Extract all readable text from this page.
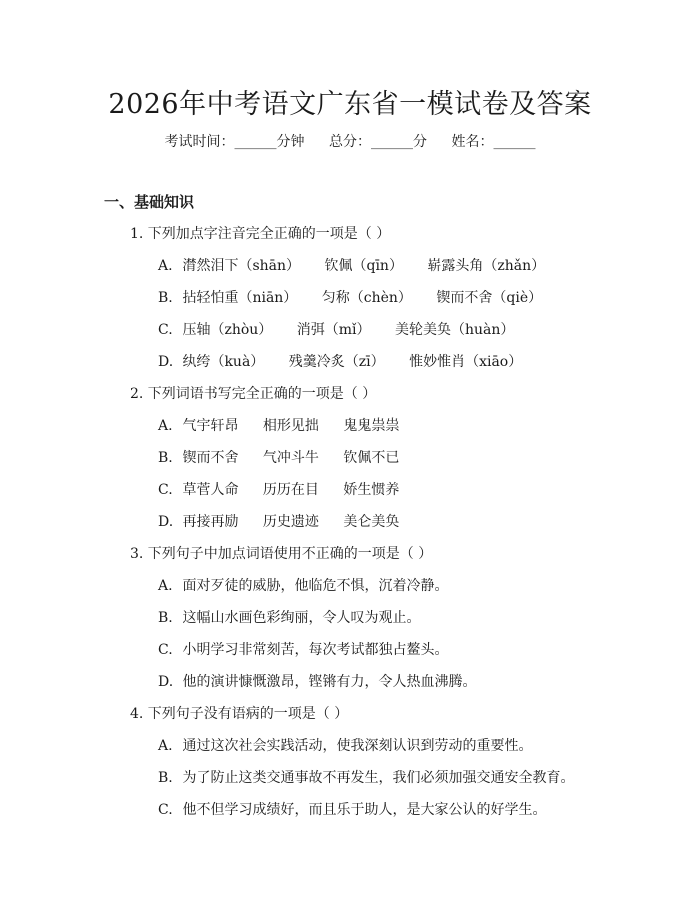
2026年中考语文广东省一模试卷及答案
考试时间：______分钟 总分：______分 姓名：______
一、基础知识
1. 下列加点字注音完全正确的一项是（ ）
A. 潸然泪下（shān） 钦佩（qīn） 崭露头角（zhǎn）
B. 拈轻怕重（niān） 匀称（chèn） 锲而不舍（qiè）
C. 压轴（zhòu） 消弭（mǐ） 美轮美奂（huàn）
D. 纨绔（kuà） 残羹冷炙（zī） 惟妙惟肖（xiāo）
2. 下列词语书写完全正确的一项是（ ）
A. 气宇轩昂 相形见拙 鬼鬼祟祟
B. 锲而不舍 气冲斗牛 钦佩不已
C. 草菅人命 历历在目 娇生惯养
D. 再接再励 历史遗迹 美仑美奂
3. 下列句子中加点词语使用不正确的一项是（ ）
A. 面对歹徒的威胁，他临危不惧，沉着冷静。
B. 这幅山水画色彩绚丽，令人叹为观止。
C. 小明学习非常刻苦，每次考试都独占鳌头。
D. 他的演讲慷慨激昂，铿锵有力，令人热血沸腾。
4. 下列句子没有语病的一项是（ ）
A. 通过这次社会实践活动，使我深刻认识到劳动的重要性。
B. 为了防止这类交通事故不再发生，我们必须加强交通安全教育。
C. 他不但学习成绩好，而且乐于助人，是大家公认的好学生。
